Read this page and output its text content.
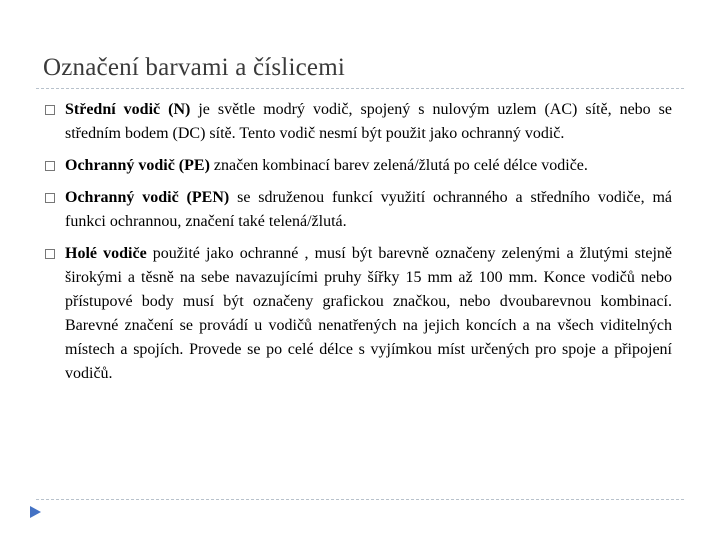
Označení barvami a číslicemi
Střední vodič (N) je světle modrý vodič, spojený s nulovým uzlem (AC) sítě, nebo se středním bodem (DC) sítě. Tento vodič nesmí být použit jako ochranný vodič.
Ochranný vodič (PE) značen kombinací barev zelená/žlutá po celé délce vodiče.
Ochranný vodič (PEN) se sdruženou funkcí využití ochranného a středního vodiče, má funkci ochrannou, značení také telená/žlutá.
Holé vodiče použité jako ochranné , musí být barevně označeny zelenými a žlutými stejně širokými a těsně na sebe navazujícími pruhy šířky 15 mm až 100 mm. Konce vodičů nebo přístupové body musí být označeny grafickou značkou, nebo dvoubarevnou kombinací. Barevné značení se provádí u vodičů nenatřených na jejich koncích a na všech viditelných místech a spojích. Provede se po celé délce s vyjímkou míst určených pro spoje a připojení vodičů.
